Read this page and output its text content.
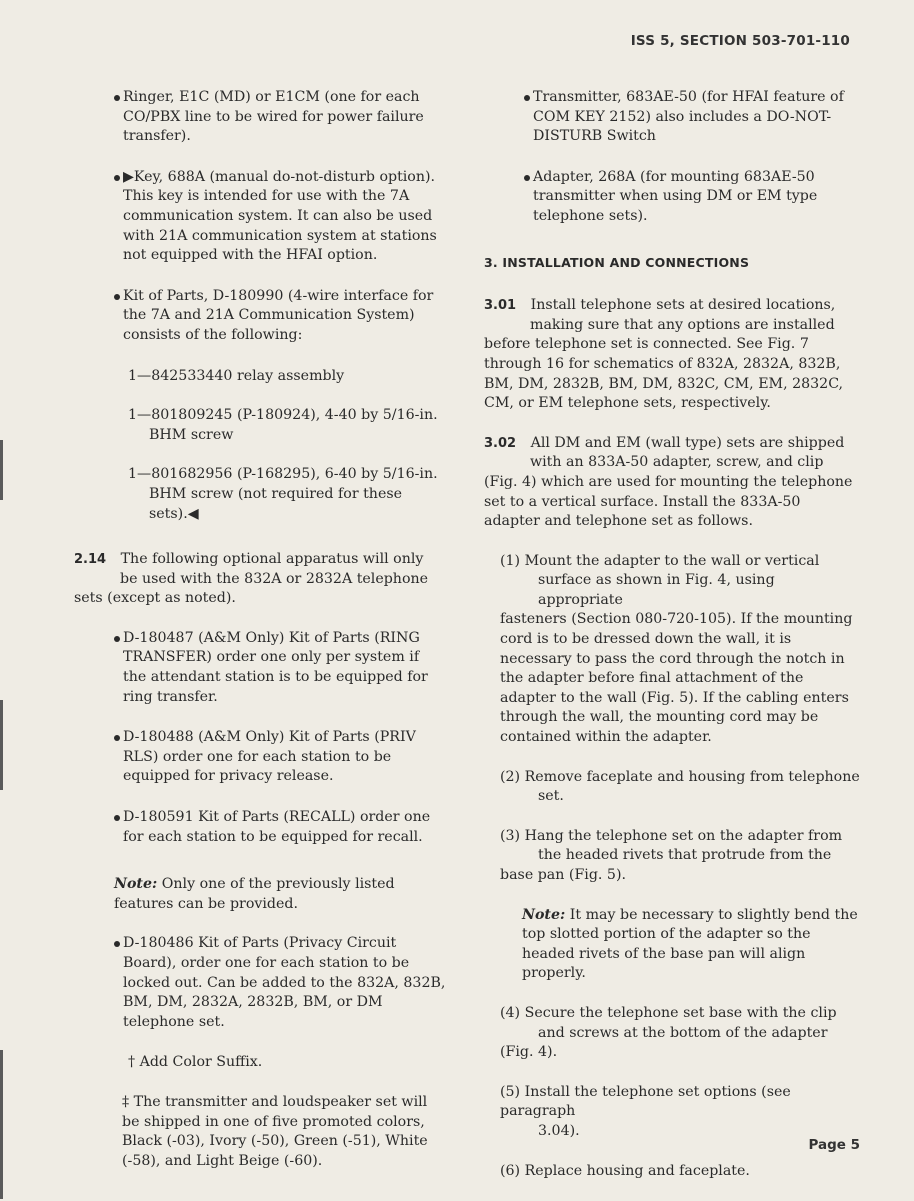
ISS 5, SECTION 503-701-110
Ringer, E1C (MD) or E1CM (one for each CO/PBX line to be wired for power failure transfer).
▶Key, 688A (manual do-not-disturb option). This key is intended for use with the 7A communication system. It can also be used with 21A communication system at stations not equipped with the HFAI option.
Kit of Parts, D-180990 (4-wire interface for the 7A and 21A Communication System) consists of the following:
1—842533440 relay assembly
1—801809245 (P-180924), 4-40 by 5/16-in.
BHM screw
1—801682956 (P-168295), 6-40 by 5/16-in.
BHM screw (not required for these sets).◀
2.14 The following optional apparatus will only
be used with the 832A or 2832A telephone
sets (except as noted).
D-180487 (A&M Only) Kit of Parts (RING TRANSFER) order one only per system if the attendant station is to be equipped for ring transfer.
D-180488 (A&M Only) Kit of Parts (PRIV RLS) order one for each station to be equipped for privacy release.
D-180591 Kit of Parts (RECALL) order one for each station to be equipped for recall.
Note: Only one of the previously listed features can be provided.
D-180486 Kit of Parts (Privacy Circuit Board), order one for each station to be locked out. Can be added to the 832A, 832B, BM, DM, 2832A, 2832B, BM, or DM telephone set.
† Add Color Suffix.
‡ The transmitter and loudspeaker set will be shipped in one of five promoted colors, Black (-03), Ivory (-50), Green (-51), White (-58), and Light Beige (-60).
Transmitter, 683AE-50 (for HFAI feature of COM KEY 2152) also includes a DO-NOT-DISTURB Switch
Adapter, 268A (for mounting 683AE-50 transmitter when using DM or EM type telephone sets).
3. INSTALLATION AND CONNECTIONS
3.01 Install telephone sets at desired locations,
making sure that any options are installed
before telephone set is connected. See Fig. 7 through 16 for schematics of 832A, 2832A, 832B, BM, DM, 2832B, BM, DM, 832C, CM, EM, 2832C, CM, or EM telephone sets, respectively.
3.02 All DM and EM (wall type) sets are shipped
with an 833A-50 adapter, screw, and clip
(Fig. 4) which are used for mounting the telephone set to a vertical surface. Install the 833A-50 adapter and telephone set as follows.
(1) Mount the adapter to the wall or vertical
surface as shown in Fig. 4, using appropriate
fasteners (Section 080-720-105). If the mounting cord is to be dressed down the wall, it is necessary to pass the cord through the notch in the adapter before final attachment of the adapter to the wall (Fig. 5). If the cabling enters through the wall, the mounting cord may be contained within the adapter.
(2) Remove faceplate and housing from telephone
set.
(3) Hang the telephone set on the adapter from
the headed rivets that protrude from the
base pan (Fig. 5).
Note: It may be necessary to slightly bend the top slotted portion of the adapter so the headed rivets of the base pan will align properly.
(4) Secure the telephone set base with the clip
and screws at the bottom of the adapter
(Fig. 4).
(5) Install the telephone set options (see paragraph
3.04).
(6) Replace housing and faceplate.
Page 5
